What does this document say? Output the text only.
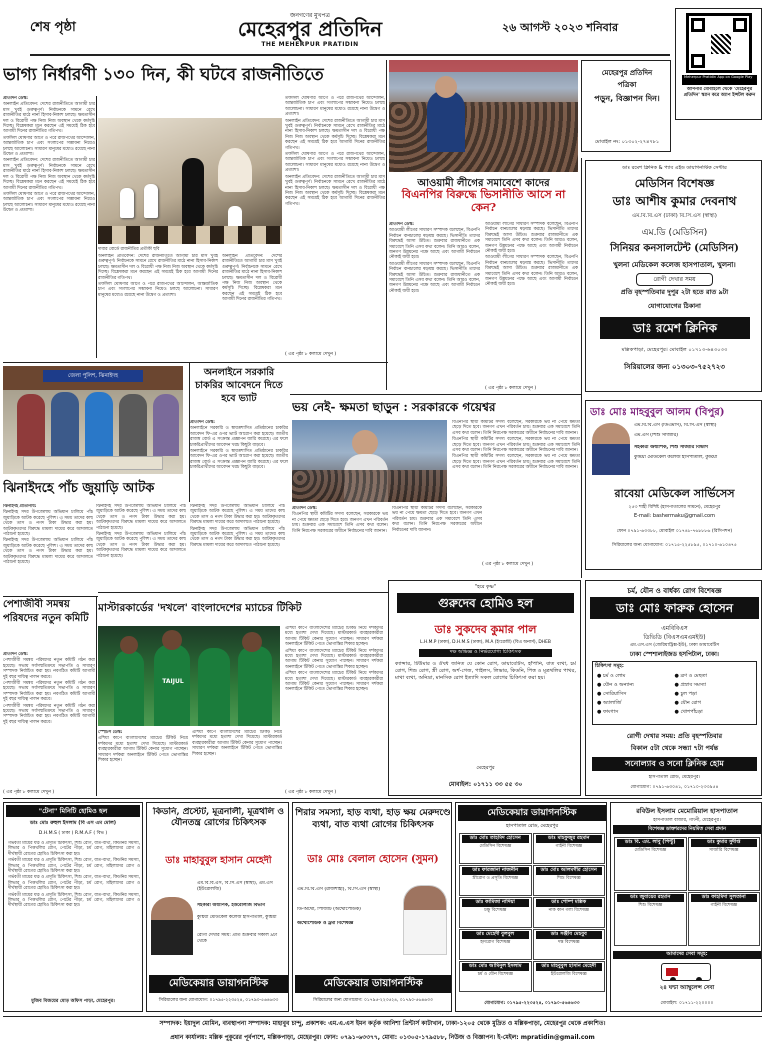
শেষ পৃষ্ঠা
জনগণের মুখপত্র
মেহেরপুর প্রতিদিন
THE MEHERPUR PRATIDIN
২৬ আগস্ট ২০২৩ শনিবার
Meherpur Pratidin App on Google Play
আপনার মোবাইলে থেকে 'মেহেরপুর প্রতিদিন' স্ক্যান করে অ্যাপ ইন্সটল করুন
ভাগ্য নির্ধারণী ১৩০ দিন, কী ঘটবে রাজনীতিতে
দাবার বোর্ডে রাজনীতির প্রতীকী ছবি

প্রতিদিন ডেস্ক:

অনলাইন প্রতিবেদন: দেশের রাজনীতিতে আগামী চার মাস খুবই গুরুত্বপূর্ণ। নির্বাচনকে সামনে রেখে রাজনীতির মাঠে নানা হিসাব-নিকাশ চলছে। ক্ষমতাসীন দল ও বিরোধী পক্ষ নিজ নিজ অবস্থান থেকে কর্মসূচি দিচ্ছে। বিশ্লেষকরা মনে করছেন এই সময়েই ঠিক হবে আগামী দিনের রাজনীতির গতিপথ।

তফসিল ঘোষণার আগে ও পরে রাজপথের আন্দোলন, আন্তর্জাতিক চাপ এবং সংলাপের সম্ভাবনা নিয়েও চলছে আলোচনা। সাধারণ মানুষের মধ্যেও রয়েছে নানা উদ্বেগ ও প্রত্যাশা।

অনলাইন প্রতিবেদন: দেশের রাজনীতিতে আগামী চার মাস খুবই গুরুত্বপূর্ণ। নির্বাচনকে সামনে রেখে রাজনীতির মাঠে নানা হিসাব-নিকাশ চলছে। ক্ষমতাসীন দল ও বিরোধী পক্ষ নিজ নিজ অবস্থান থেকে কর্মসূচি দিচ্ছে। বিশ্লেষকরা মনে করছেন এই সময়েই ঠিক হবে আগামী দিনের রাজনীতির গতিপথ।

তফসিল ঘোষণার আগে ও পরে রাজপথের আন্দোলন, আন্তর্জাতিক চাপ এবং সংলাপের সম্ভাবনা নিয়েও চলছে আলোচনা। সাধারণ মানুষের মধ্যেও রয়েছে নানা উদ্বেগ ও প্রত্যাশা।

অনলাইন প্রতিবেদন: দেশের রাজনীতিতে আগামী চার মাস খুবই গুরুত্বপূর্ণ। নির্বাচনকে সামনে রেখে রাজনীতির মাঠে নানা হিসাব-নিকাশ চলছে। ক্ষমতাসীন দল ও বিরোধী পক্ষ নিজ নিজ অবস্থান থেকে কর্মসূচি দিচ্ছে। বিশ্লেষকরা মনে করছেন এই সময়েই ঠিক হবে আগামী দিনের রাজনীতির গতিপথ।

তফসিল ঘোষণার আগে ও পরে রাজপথের আন্দোলন, আন্তর্জাতিক চাপ এবং সংলাপের সম্ভাবনা নিয়েও চলছে আলোচনা। সাধারণ মানুষের মধ্যেও রয়েছে নানা উদ্বেগ ও প্রত্যাশা।

অনলাইন প্রতিবেদন: দেশের রাজনীতিতে আগামী চার মাস খুবই গুরুত্বপূর্ণ। নির্বাচনকে সামনে রেখে রাজনীতির মাঠে নানা হিসাব-নিকাশ চলছে। ক্ষমতাসীন দল ও বিরোধী পক্ষ নিজ নিজ অবস্থান থেকে কর্মসূচি দিচ্ছে। বিশ্লেষকরা মনে করছেন এই সময়েই ঠিক হবে আগামী দিনের রাজনীতির গতিপথ।

তফসিল ঘোষণার আগে ও পরে রাজপথের আন্দোলন, আন্তর্জাতিক চাপ এবং সংলাপের সম্ভাবনা নিয়েও চলছে আলোচনা। সাধারণ মানুষের মধ্যেও রয়েছে নানা উদ্বেগ ও প্রত্যাশা।

অনলাইন প্রতিবেদন: দেশের রাজনীতিতে আগামী চার মাস খুবই গুরুত্বপূর্ণ। নির্বাচনকে সামনে রেখে রাজনীতির মাঠে নানা হিসাব-নিকাশ চলছে। ক্ষমতাসীন দল ও বিরোধী পক্ষ নিজ নিজ অবস্থান থেকে কর্মসূচি দিচ্ছে। বিশ্লেষকরা মনে করছেন এই সময়েই ঠিক হবে আগামী দিনের রাজনীতির গতিপথ।

তফসিল ঘোষণার আগে ও পরে রাজপথের আন্দোলন, আন্তর্জাতিক চাপ এবং সংলাপের সম্ভাবনা নিয়েও চলছে আলোচনা। সাধারণ মানুষের মধ্যেও রয়েছে নানা উদ্বেগ ও প্রত্যাশা।

অনলাইন প্রতিবেদন: দেশের রাজনীতিতে আগামী চার মাস খুবই গুরুত্বপূর্ণ। নির্বাচনকে সামনে রেখে রাজনীতির মাঠে নানা হিসাব-নিকাশ চলছে। ক্ষমতাসীন দল ও বিরোধী পক্ষ নিজ নিজ অবস্থান থেকে কর্মসূচি দিচ্ছে। বিশ্লেষকরা মনে করছেন এই সময়েই ঠিক হবে আগামী দিনের রাজনীতির গতিপথ।

( এর পৃষ্ঠা ৮ কলামে দেখুন )
মেহেরপুর প্রতিদিন
পত্রিকা
পড়ুন, বিজ্ঞাপন দিন।
মোবাইল নং: ০১৩০২-২৭৪৭৮১
আওয়ামী লীগের সমাবেশে কাদের
বিএনপির বিরুদ্ধে ভিসানীতি আসে না কেন?

প্রতিদিন ডেস্ক:

আওয়ামী লীগের সাধারণ সম্পাদক বলেছেন, বিএনপি নির্বাচন বানচালের ষড়যন্ত্র করছে। ভিসানীতি তাদের বিরুদ্ধেই আসা উচিত। শুক্রবার রাজধানীতে এক সমাবেশে তিনি এসব কথা বলেন। তিনি আরও বলেন, জনগণ উন্নয়নের পক্ষে আছে এবং আগামী নির্বাচনে নৌকাই জয়ী হবে।

আওয়ামী লীগের সাধারণ সম্পাদক বলেছেন, বিএনপি নির্বাচন বানচালের ষড়যন্ত্র করছে। ভিসানীতি তাদের বিরুদ্ধেই আসা উচিত। শুক্রবার রাজধানীতে এক সমাবেশে তিনি এসব কথা বলেন। তিনি আরও বলেন, জনগণ উন্নয়নের পক্ষে আছে এবং আগামী নির্বাচনে নৌকাই জয়ী হবে।

আওয়ামী লীগের সাধারণ সম্পাদক বলেছেন, বিএনপি নির্বাচন বানচালের ষড়যন্ত্র করছে। ভিসানীতি তাদের বিরুদ্ধেই আসা উচিত। শুক্রবার রাজধানীতে এক সমাবেশে তিনি এসব কথা বলেন। তিনি আরও বলেন, জনগণ উন্নয়নের পক্ষে আছে এবং আগামী নির্বাচনে নৌকাই জয়ী হবে।

আওয়ামী লীগের সাধারণ সম্পাদক বলেছেন, বিএনপি নির্বাচন বানচালের ষড়যন্ত্র করছে। ভিসানীতি তাদের বিরুদ্ধেই আসা উচিত। শুক্রবার রাজধানীতে এক সমাবেশে তিনি এসব কথা বলেন। তিনি আরও বলেন, জনগণ উন্নয়নের পক্ষে আছে এবং আগামী নির্বাচনে নৌকাই জয়ী হবে।

( এর পৃষ্ঠা ৮ কলামে দেখুন )
ডাঃ রমেশ ক্লিনিক & প্যাব এইড ডায়াগনস্টিক সেন্টার
মেডিসিন বিশেষজ্ঞ
ডাঃ আশীষ কুমার দেবনাথ
এম.বি.বি.এস (ঢাকা) বি.সি.এস (স্বাস্থ্য)
এম.ডি (মেডিসিন)
সিনিয়র কনসালটেন্ট (মেডিসিন)
খুলনা মেডিকেল কলেজ হাসপাতাল, খুলনা।
রোগী দেখার সময়
প্রতি বৃহস্পতিবার দুপুর ২টা হতে রাত ৯টা
যোগাযোগের ঠিকানা
ডাঃ রমেশ ক্লিনিক
মল্লিকপাড়া, মেহেরপুর। মোবাইল ০১৭১৩-৬৪৩০৩৩
সিরিয়ালের জন্য ০১৩০৩-৭৫২৭২৩
জেলা পুলিশ, ঝিনাইদহ
ঝিনাইদহে পাঁচ জুয়াড়ি আটক

ঝিনাইদহ প্রতিনিধি:

ঝিনাইদহ সদর উপজেলায় অভিযান চালিয়ে পাঁচ জুয়াড়িকে আটক করেছে পুলিশ। এ সময় তাদের কাছ থেকে তাস ও নগদ টাকা উদ্ধার করা হয়। আটককৃতদের বিরুদ্ধে মামলা দায়ের করে আদালতে পাঠানো হয়েছে।

ঝিনাইদহ সদর উপজেলায় অভিযান চালিয়ে পাঁচ জুয়াড়িকে আটক করেছে পুলিশ। এ সময় তাদের কাছ থেকে তাস ও নগদ টাকা উদ্ধার করা হয়। আটককৃতদের বিরুদ্ধে মামলা দায়ের করে আদালতে পাঠানো হয়েছে।

ঝিনাইদহ সদর উপজেলায় অভিযান চালিয়ে পাঁচ জুয়াড়িকে আটক করেছে পুলিশ। এ সময় তাদের কাছ থেকে তাস ও নগদ টাকা উদ্ধার করা হয়। আটককৃতদের বিরুদ্ধে মামলা দায়ের করে আদালতে পাঠানো হয়েছে।

ঝিনাইদহ সদর উপজেলায় অভিযান চালিয়ে পাঁচ জুয়াড়িকে আটক করেছে পুলিশ। এ সময় তাদের কাছ থেকে তাস ও নগদ টাকা উদ্ধার করা হয়। আটককৃতদের বিরুদ্ধে মামলা দায়ের করে আদালতে পাঠানো হয়েছে।

ঝিনাইদহ সদর উপজেলায় অভিযান চালিয়ে পাঁচ জুয়াড়িকে আটক করেছে পুলিশ। এ সময় তাদের কাছ থেকে তাস ও নগদ টাকা উদ্ধার করা হয়। আটককৃতদের বিরুদ্ধে মামলা দায়ের করে আদালতে পাঠানো হয়েছে।

ঝিনাইদহ সদর উপজেলায় অভিযান চালিয়ে পাঁচ জুয়াড়িকে আটক করেছে পুলিশ। এ সময় তাদের কাছ থেকে তাস ও নগদ টাকা উদ্ধার করা হয়। আটককৃতদের বিরুদ্ধে মামলা দায়ের করে আদালতে পাঠানো হয়েছে।

অনলাইনে সরকারি চাকরির আবেদনে দিতে হবে ভ্যাট

প্রতিদিন ডেস্ক:

অনলাইনে সরকারি ও স্বায়ত্তশাসিত প্রতিষ্ঠানের চাকরির আবেদন ফি-এর ওপর ভ্যাট আরোপ করা হয়েছে। জাতীয় রাজস্ব বোর্ড এ সংক্রান্ত প্রজ্ঞাপন জারি করেছে। এর ফলে চাকরিপ্রার্থীদের আবেদন খরচ কিছুটা বাড়বে।

অনলাইনে সরকারি ও স্বায়ত্তশাসিত প্রতিষ্ঠানের চাকরির আবেদন ফি-এর ওপর ভ্যাট আরোপ করা হয়েছে। জাতীয় রাজস্ব বোর্ড এ সংক্রান্ত প্রজ্ঞাপন জারি করেছে। এর ফলে চাকরিপ্রার্থীদের আবেদন খরচ কিছুটা বাড়বে।

ভয় নেই- ক্ষমতা ছাড়ুন : সরকারকে গয়েশ্বর

প্রতিদিন ডেস্ক:

বিএনপির স্থায়ী কমিটির সদস্য বলেছেন, সরকারকে ভয় না পেয়ে ক্ষমতা ছেড়ে দিতে হবে। জনগণ এখন পরিবর্তন চায়। শুক্রবার এক সমাবেশে তিনি এসব কথা বলেন। তিনি নিরপেক্ষ সরকারের অধীনে নির্বাচনের দাবি জানান।

বিএনপির স্থায়ী কমিটির সদস্য বলেছেন, সরকারকে ভয় না পেয়ে ক্ষমতা ছেড়ে দিতে হবে। জনগণ এখন পরিবর্তন চায়। শুক্রবার এক সমাবেশে তিনি এসব কথা বলেন। তিনি নিরপেক্ষ সরকারের অধীনে নির্বাচনের দাবি জানান।

বিএনপির স্থায়ী কমিটির সদস্য বলেছেন, সরকারকে ভয় না পেয়ে ক্ষমতা ছেড়ে দিতে হবে। জনগণ এখন পরিবর্তন চায়। শুক্রবার এক সমাবেশে তিনি এসব কথা বলেন। তিনি নিরপেক্ষ সরকারের অধীনে নির্বাচনের দাবি জানান।

বিএনপির স্থায়ী কমিটির সদস্য বলেছেন, সরকারকে ভয় না পেয়ে ক্ষমতা ছেড়ে দিতে হবে। জনগণ এখন পরিবর্তন চায়। শুক্রবার এক সমাবেশে তিনি এসব কথা বলেন। তিনি নিরপেক্ষ সরকারের অধীনে নির্বাচনের দাবি জানান।

বিএনপির স্থায়ী কমিটির সদস্য বলেছেন, সরকারকে ভয় না পেয়ে ক্ষমতা ছেড়ে দিতে হবে। জনগণ এখন পরিবর্তন চায়। শুক্রবার এক সমাবেশে তিনি এসব কথা বলেন। তিনি নিরপেক্ষ সরকারের অধীনে নির্বাচনের দাবি জানান।

( এর পৃষ্ঠা ৮ কলামে দেখুন )
ডাঃ মোঃ মাহবুবুল আলম (বিপুর)
এম.বি.বি.এস (ডিএমসি), বি.সি.এস (স্বাস্থ্য)
এম.এস (শিশু সার্জারি)
সহকারী অধ্যাপক, শিশু সার্জারি বিভাগ
কুষ্টিয়া মেডিকেল কলেজ হাসপাতাল, কুষ্টিয়া
রাবেয়া মেডিকেল সার্ভিসেস
২৫৩ শাহী বিশিষ্ট (হাসপাতালের সামনে), মেহেরপুর
E-mail: bashermaku@gmail.com
ফোন ০৭৯১-৬৩৩৮৮, মোবাইল ০১৭৪৮-৭৬৮৮৮৬ (রিসিপশন)
সিরিয়ালের জন্য যোগাযোগ: ০১৭১৫-২২৫৮৯৫, ০১৭১০-৬১০৪৭৫
পেশাজীবী সমন্বয় পরিষদের নতুন কমিটি

প্রতিদিন ডেস্ক:

পেশাজীবী সমন্বয় পরিষদের নতুন কমিটি গঠন করা হয়েছে। সভায় সর্বসম্মতিক্রমে সভাপতি ও সাধারণ সম্পাদক নির্বাচিত করা হয়। নবগঠিত কমিটি আগামী দুই বছর দায়িত্ব পালন করবে।

পেশাজীবী সমন্বয় পরিষদের নতুন কমিটি গঠন করা হয়েছে। সভায় সর্বসম্মতিক্রমে সভাপতি ও সাধারণ সম্পাদক নির্বাচিত করা হয়। নবগঠিত কমিটি আগামী দুই বছর দায়িত্ব পালন করবে।

পেশাজীবী সমন্বয় পরিষদের নতুন কমিটি গঠন করা হয়েছে। সভায় সর্বসম্মতিক্রমে সভাপতি ও সাধারণ সম্পাদক নির্বাচিত করা হয়। নবগঠিত কমিটি আগামী দুই বছর দায়িত্ব পালন করবে।

( এর পৃষ্ঠা ৮ কলামে দেখুন )
মাস্টারকার্ডের 'দখলে' বাংলাদেশের ম্যাচের টিকিট
TAIJUL

স্পোর্টস ডেস্ক:

এশিয়া কাপে বাংলাদেশের ম্যাচের টিকিট নিয়ে দর্শকদের মধ্যে হতাশা দেখা দিয়েছে। মাস্টারকার্ড ব্যবহারকারীরা আগাম টিকিট কেনার সুযোগ পাচ্ছেন। সাধারণ দর্শকরা অনলাইনে টিকিট পেতে ভোগান্তির শিকার হচ্ছেন।

এশিয়া কাপে বাংলাদেশের ম্যাচের টিকিট নিয়ে দর্শকদের মধ্যে হতাশা দেখা দিয়েছে। মাস্টারকার্ড ব্যবহারকারীরা আগাম টিকিট কেনার সুযোগ পাচ্ছেন। সাধারণ দর্শকরা অনলাইনে টিকিট পেতে ভোগান্তির শিকার হচ্ছেন।

এশিয়া কাপে বাংলাদেশের ম্যাচের টিকিট নিয়ে দর্শকদের মধ্যে হতাশা দেখা দিয়েছে। মাস্টারকার্ড ব্যবহারকারীরা আগাম টিকিট কেনার সুযোগ পাচ্ছেন। সাধারণ দর্শকরা অনলাইনে টিকিট পেতে ভোগান্তির শিকার হচ্ছেন।

এশিয়া কাপে বাংলাদেশের ম্যাচের টিকিট নিয়ে দর্শকদের মধ্যে হতাশা দেখা দিয়েছে। মাস্টারকার্ড ব্যবহারকারীরা আগাম টিকিট কেনার সুযোগ পাচ্ছেন। সাধারণ দর্শকরা অনলাইনে টিকিট পেতে ভোগান্তির শিকার হচ্ছেন।

এশিয়া কাপে বাংলাদেশের ম্যাচের টিকিট নিয়ে দর্শকদের মধ্যে হতাশা দেখা দিয়েছে। মাস্টারকার্ড ব্যবহারকারীরা আগাম টিকিট কেনার সুযোগ পাচ্ছেন। সাধারণ দর্শকরা অনলাইনে টিকিট পেতে ভোগান্তির শিকার হচ্ছেন।

( এর পৃষ্ঠা ৮ কলামে দেখুন )
"হরে কৃষ্ণ"
গুরুদেব হোমিও হল
ডাঃ সুকদেব কুমার পাল
L.H.M.P (ঢাকা), D.H.M.S (ঢাকা), M.A (ইংরেজী) (বিএ অনার্স), DHEB
দক্ষ অভিজ্ঞ ও নির্ভরযোগ্য চিকিৎসক
ক্যান্সার, টিউমার ও ঔষধ জনিত যে কোন রোগ, ডায়াবেটিস, হাঁপানি, বাত ব্যথা, চর্ম রোগ, শিশু রোগ, স্ত্রী রোগ, অর্শ-গেজ, পাইলস, লিভার, কিডনি, পিত্ত ও মূত্রথলির পাথর, মাথা ব্যথা, অনিদ্রা, মানসিক রোগ ইত্যাদি সকল রোগের চিকিৎসা করা হয়।
মেহেরপুর
মোবাইল: ০১৭১১ ৩৩ ৫৫ ৩০
চর্ম, যৌন ও বার্ধক্য রোগ বিশেষজ্ঞ
ডাঃ মোঃ ফারুক হোসেন
এমবিবিএস
ডিভিডি (বিএসএমএমইউ)
এম.এস.এস (জেরিয়াট্রিক্স-ইউ), ঢাকা ডায়াবেটিস
ঢাকা স্পেশালাইজড হসপিটাল, ঢাকা।
চিকিৎসা সমূহ:
● চর্ম ও লোম	● ব্রণ ও মেছতা
● যৌন ও অন্যান্য	● প্রস্রাব সমস্যা
● সোরিয়াসিস	● চুল পড়া
● অ্যালার্জি	● যৌন রোগ
● ফাংগাস	● খোশপাঁচড়া
রোগী দেখার সময়: প্রতি বৃহস্পতিবার
বিকাল ৫টা থেকে সন্ধ্যা ৭টা পর্যন্ত
সনোল্যাব ও সনো ক্লিনিক হোম
হাসপাতাল রোড, মেহেরপুর।
যোগাযোগ: ০৭৯১-৬৩০৪১, ০১৭১০-২৩৩৯৫৪
"টেনা" মিনিটি হোমিও হল
ডাঃ মোঃ রুহুল ইসলাম (বি এস এম মোল)
D.H.M.S ( ঢাকা ) R.M.A.F ( বিভ )

গর্ভবতী মায়ের যত্ন ও প্রসূতি চিকিৎসা, শিশু রোগ, বাত-ব্যথা, কিডনির সমস্যা, লিভার ও পিত্তথলির রোগ, পেটের পীড়া, চর্ম রোগ, মহিলাদের রোগ ও দীর্ঘস্থায়ী রোগের হোমিও চিকিৎসা করা হয়।

গর্ভবতী মায়ের যত্ন ও প্রসূতি চিকিৎসা, শিশু রোগ, বাত-ব্যথা, কিডনির সমস্যা, লিভার ও পিত্তথলির রোগ, পেটের পীড়া, চর্ম রোগ, মহিলাদের রোগ ও দীর্ঘস্থায়ী রোগের হোমিও চিকিৎসা করা হয়।

গর্ভবতী মায়ের যত্ন ও প্রসূতি চিকিৎসা, শিশু রোগ, বাত-ব্যথা, কিডনির সমস্যা, লিভার ও পিত্তথলির রোগ, পেটের পীড়া, চর্ম রোগ, মহিলাদের রোগ ও দীর্ঘস্থায়ী রোগের হোমিও চিকিৎসা করা হয়।

গর্ভবতী মায়ের যত্ন ও প্রসূতি চিকিৎসা, শিশু রোগ, বাত-ব্যথা, কিডনির সমস্যা, লিভার ও পিত্তথলির রোগ, পেটের পীড়া, চর্ম রোগ, মহিলাদের রোগ ও দীর্ঘস্থায়ী রোগের হোমিও চিকিৎসা করা হয়।

মুজিব বিজয়ের মোড় অফিস পাড়া, মেহেরপুর।
কিডনি, প্রস্টেট, মূত্রনালী, মূত্রথলি ও যৌনতন্ত্র রোগের চিকিৎসক
ডাঃ মাহাবুবুল হাসান মেহেদী
এম.বি.বি.এস, বি.সি.এস (স্বাস্থ্য), এম.এস (ইউরোলজি)
সহকারী অধ্যাপক, ইউরোলজি বিভাগ
কুষ্টিয়া মেডিকেল কলেজ হাসপাতাল, কুষ্টিয়া
রোগী দেখার সময়: প্রতি শুক্রবার সকাল ৯টা থেকে
মেডিকেয়ার ডায়াগনস্টিক
সিরিয়ালের জন্য যোগাযোগ: ০১৭৯৫-২২৩৫২৪, ০১৭৯০-৫৬৪৬৩৩
শিরার সমস্যা, হাড় ব্যথা, হাড় ক্ষয় মেরুদণ্ডে ব্যথা, বাত ব্যথা রোগের চিকিৎসক
ডাঃ মোঃ বেলাল হোসেন (সুমন)
এম.বি.বি.এস (রাজশাহী), বি.সি.এস (স্বাস্থ্য)
ডি-অর্থো, পিজিটি (অর্থোপেডিক)
অর্থোপেডিক ও ট্রমা বিশেষজ্ঞ
মেডিকেয়ার ডায়াগনস্টিক
সিরিয়ালের জন্য যোগাযোগ: ০১৭৯৫-২২৩৫২৪, ০১৭৯০-৫৬৪৬৩৩
মেডিকেয়ার ডায়াগনস্টিক
হাসপাতাল রোড, মেহেরপুর
ডাঃ মোঃ তাহমিদ হোসেন
মেডিসিন বিশেষজ্ঞ
ডাঃ মাহফুজুর রহমান
গাইনী বিশেষজ্ঞ
ডাঃ ফারজানা নাজনীন
স্ত্রীরোগ ও প্রসূতি বিশেষজ্ঞ
ডাঃ মোঃ আলমগীর হোসেন
শিশু বিশেষজ্ঞ
ডাঃ কামিজা নাদিয়া
চক্ষু বিশেষজ্ঞ
ডাঃ পোষ্প মল্লিক
নাক কান গলা বিশেষজ্ঞ
ডাঃ মেহেদী বুলবুল
হৃদরোগ বিশেষজ্ঞ
ডাঃ সঞ্জীব মেহবুব
দন্ত বিশেষজ্ঞ
ডাঃ মোঃ আমিনুল ইসলাম
চর্ম ও যৌন বিশেষজ্ঞ
ডাঃ মাহবুবুল হাসান মেহেদী
ইউরোলজি বিশেষজ্ঞ
যোগাযোগ: ০১৭৯৫-২২৩৫২৪, ০১৭৯০-৫৬৪৬৩৩
রবিউল ইসলাম মেমোরিয়াল হাসপাতাল
হাসপাতাল বাজার, গাংনী, মেহেরপুর।
বিশেষজ্ঞ ডাক্তারদের নিয়মিত সেবা প্রদান
ডাঃ বি. এম. লাবু (পিন্টু)
মেডিসিন বিশেষজ্ঞ
ডাঃ কুমার সুদীপ্ত
সার্জারি বিশেষজ্ঞ
ডাঃ জুবায়ের রহমান
শিশু বিশেষজ্ঞ
ডাঃ ফাহমিদা সুলতানা
গাইনী বিশেষজ্ঞ
আমাদের সেবা সমূহ:
২৪ ঘন্টা অ্যাম্বুলেন্স সেবা
মোবাইল: ০১৭১১-২২০০০০
সম্পাদক: ইয়াদুল মোমিন, ব্যবস্থাপনা সম্পাদক: মাহাবুব চান্দু, প্রকাশক: এম.এ.এস ইমন কর্তৃক আনিশা প্রিন্টার্স কাটাখান, ঢাকা-১২০৫ থেকে মুদ্রিত ও মল্লিকপাড়া, মেহেরপুর থেকে প্রকাশিত।
প্রধান কার্যালয়: মল্লিক পুকুরের পূর্বপাশে, মল্লিকপাড়া, মেহেরপুর। ফোন: ০৭৯১-৬৩৩৭৭, মোবা: ০১৩০৫-১৭৯৫৮৮, নিউজ ও বিজ্ঞাপন। ই-মেইল: mpratidin@gmail.com
